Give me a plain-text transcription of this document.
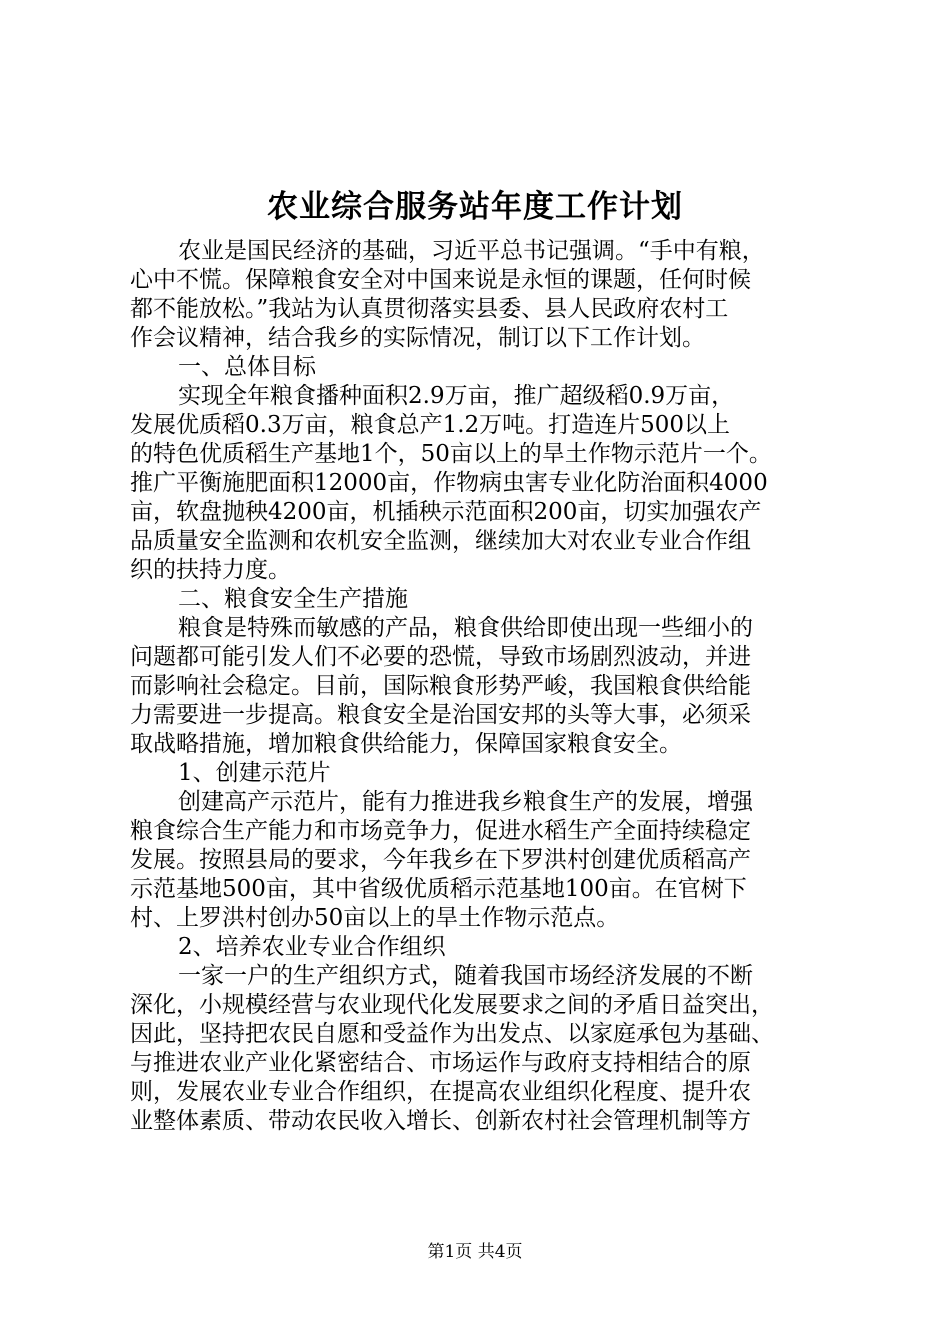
农业综合服务站年度工作计划
农业是国民经济的基础，习近平总书记强调。“手中有粮，
心中不慌。保障粮食安全对中国来说是永恒的课题，任何时候
都不能放松。”我站为认真贯彻落实县委、县人民政府农村工
作会议精神，结合我乡的实际情况，制订以下工作计划。
一、总体目标
实现全年粮食播种面积2.9万亩，推广超级稻0.9万亩，
发展优质稻0.3万亩，粮食总产1.2万吨。打造连片500以上
的特色优质稻生产基地1个，50亩以上的旱土作物示范片一个。
推广平衡施肥面积12000亩，作物病虫害专业化防治面积4000
亩，软盘抛秧4200亩，机插秧示范面积200亩，切实加强农产
品质量安全监测和农机安全监测，继续加大对农业专业合作组
织的扶持力度。
二、粮食安全生产措施
粮食是特殊而敏感的产品，粮食供给即使出现一些细小的
问题都可能引发人们不必要的恐慌，导致市场剧烈波动，并进
而影响社会稳定。目前，国际粮食形势严峻，我国粮食供给能
力需要进一步提高。粮食安全是治国安邦的头等大事，必须采
取战略措施，增加粮食供给能力，保障国家粮食安全。
1、创建示范片
创建高产示范片，能有力推进我乡粮食生产的发展，增强
粮食综合生产能力和市场竞争力，促进水稻生产全面持续稳定
发展。按照县局的要求，今年我乡在下罗洪村创建优质稻高产
示范基地500亩，其中省级优质稻示范基地100亩。在官树下
村、上罗洪村创办50亩以上的旱土作物示范点。
2、培养农业专业合作组织
一家一户的生产组织方式，随着我国市场经济发展的不断
深化，小规模经营与农业现代化发展要求之间的矛盾日益突出，
因此，坚持把农民自愿和受益作为出发点、以家庭承包为基础、
与推进农业产业化紧密结合、市场运作与政府支持相结合的原
则，发展农业专业合作组织，在提高农业组织化程度、提升农
业整体素质、带动农民收入增长、创新农村社会管理机制等方
第1页 共4页
